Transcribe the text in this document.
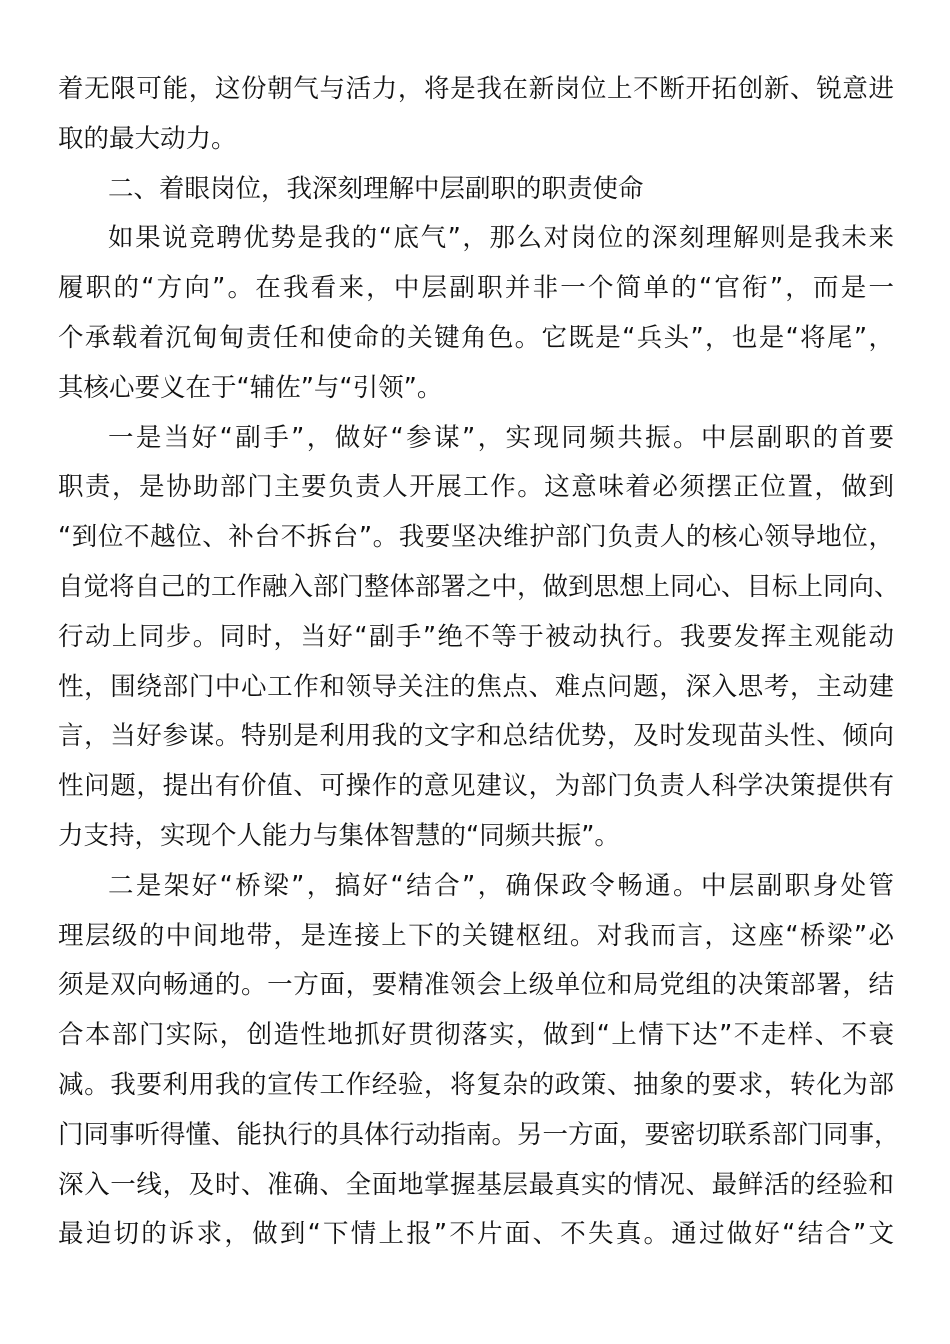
着无限可能，这份朝气与活力，将是我在新岗位上不断开拓创新、锐意进
取的最大动力。
二、着眼岗位，我深刻理解中层副职的职责使命
如果说竞聘优势是我的“底气”，那么对岗位的深刻理解则是我未来
履职的“方向”。在我看来，中层副职并非一个简单的“官衔”，而是一
个承载着沉甸甸责任和使命的关键角色。它既是“兵头”，也是“将尾”，
其核心要义在于“辅佐”与“引领”。
一是当好“副手”，做好“参谋”，实现同频共振。中层副职的首要
职责，是协助部门主要负责人开展工作。这意味着必须摆正位置，做到
“到位不越位、补台不拆台”。我要坚决维护部门负责人的核心领导地位，
自觉将自己的工作融入部门整体部署之中，做到思想上同心、目标上同向、
行动上同步。同时，当好“副手”绝不等于被动执行。我要发挥主观能动
性，围绕部门中心工作和领导关注的焦点、难点问题，深入思考，主动建
言，当好参谋。特别是利用我的文字和总结优势，及时发现苗头性、倾向
性问题，提出有价值、可操作的意见建议，为部门负责人科学决策提供有
力支持，实现个人能力与集体智慧的“同频共振”。
二是架好“桥梁”，搞好“结合”，确保政令畅通。中层副职身处管
理层级的中间地带，是连接上下的关键枢纽。对我而言，这座“桥梁”必
须是双向畅通的。一方面，要精准领会上级单位和局党组的决策部署，结
合本部门实际，创造性地抓好贯彻落实，做到“上情下达”不走样、不衰
减。我要利用我的宣传工作经验，将复杂的政策、抽象的要求，转化为部
门同事听得懂、能执行的具体行动指南。另一方面，要密切联系部门同事，
深入一线，及时、准确、全面地掌握基层最真实的情况、最鲜活的经验和
最迫切的诉求，做到“下情上报”不片面、不失真。通过做好“结合”文
